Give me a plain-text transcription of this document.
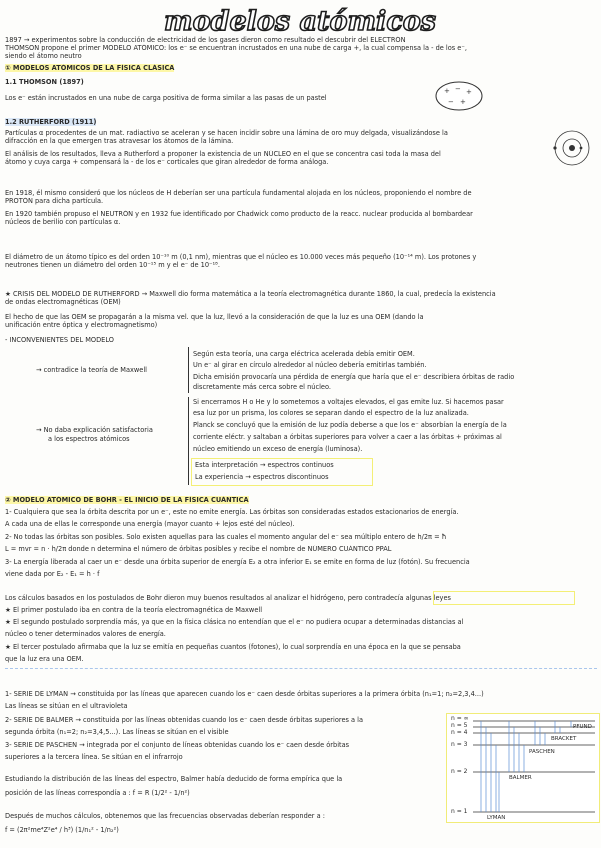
modelos atómicos
1897 → experimentos sobre la conducción de electricidad de los gases dieron como resultado el descubrir del ELECTRÓN
THOMSON propone el primer MODELO ATÓMICO: los e⁻ se encuentran incrustados en una nube de carga +, la cual compensa la - de los e⁻,
siendo el átomo neutro
① MODELOS ATÓMICOS DE LA FÍSICA CLÁSICA
1.1 THOMSON (1897)
Los e⁻ están incrustados en una nube de carga positiva de forma similar a las pasas de un pastel
+ − +
− +
1.2 RUTHERFORD (1911)
Partículas α procedentes de un mat. radiactivo se aceleran y se hacen incidir sobre una lámina de oro muy delgada, visualizándose la
difracción en la que emergen tras atravesar los átomos de la lámina.
El análisis de los resultados, lleva a Rutherford a proponer la existencia de un NÚCLEO en el que se concentra casi toda la masa del
átomo y cuya carga + compensará la - de los e⁻ corticales que giran alrededor de forma análoga.
En 1918, él mismo consideró que los núcleos de H deberían ser una partícula fundamental alojada en los núcleos, proponiendo el nombre de
PROTÓN para dicha partícula.
En 1920 también propuso el NEUTRÓN y en 1932 fue identificado por Chadwick como producto de la reacc. nuclear producida al bombardear
núcleos de berilio con partículas α.
El diámetro de un átomo típico es del orden 10⁻¹⁰ m (0,1 nm), mientras que el núcleo es 10.000 veces más pequeño (10⁻¹⁴ m). Los protones y
neutrones tienen un diámetro del orden 10⁻¹⁵ m y el e⁻ de 10⁻¹⁸.
★ CRISIS DEL MODELO DE RUTHERFORD → Maxwell dio forma matemática a la teoría electromagnética durante 1860, la cual, predecía la existencia
de ondas electromagnéticas (OEM)
El hecho de que las OEM se propagarán a la misma vel. que la luz, llevó a la consideración de que la luz es una OEM (dando la
unificación entre óptica y electromagnetismo)
- INCONVENIENTES DEL MODELO
→ contradice la teoría de Maxwell
Según esta teoría, una carga eléctrica acelerada debía emitir OEM.
Un e⁻ al girar en círculo alrededor al núcleo debería emitirlas también.
Dicha emisión provocaría una pérdida de energía que haría que el e⁻ describiera órbitas de radio
discretamente más cerca sobre el núcleo.
→ No daba explicación satisfactoria
a los espectros atómicos
Si encerramos H o He y lo sometemos a voltajes elevados, el gas emite luz. Si hacemos pasar
esa luz por un prisma, los colores se separan dando el espectro de la luz analizada.
Planck se concluyó que la emisión de luz podía deberse a que los e⁻ absorbían la energía de la
corriente eléctr. y saltaban a órbitas superiores para volver a caer a las órbitas + próximas al
núcleo emitiendo un exceso de energía (luminosa).
Esta interpretación → espectros continuos
La experiencia → espectros discontinuos
② MODELO ATÓMICO DE BOHR - EL INICIO DE LA FÍSICA CUÁNTICA
1- Cualquiera que sea la órbita descrita por un e⁻, este no emite energía. Las órbitas son consideradas estados estacionarios de energía.
A cada una de ellas le corresponde una energía (mayor cuanto + lejos esté del núcleo).
2- No todas las órbitas son posibles. Solo existen aquellas para las cuales el momento angular del e⁻ sea múltiplo entero de h/2π = ħ
L = mvr = n · h/2π donde n determina el número de órbitas posibles y recibe el nombre de NÚMERO CUÁNTICO PPAL
3- La energía liberada al caer un e⁻ desde una órbita superior de energía E₂ a otra inferior E₁ se emite en forma de luz (fotón). Su frecuencia
viene dada por E₂ - E₁ = h · f
Los cálculos basados en los postulados de Bohr dieron muy buenos resultados al analizar el hidrógeno, pero contradecía algunas leyes
★ El primer postulado iba en contra de la teoría electromagnética de Maxwell
★ El segundo postulado sorprendía más, ya que en la física clásica no entendían que el e⁻ no pudiera ocupar a determinadas distancias al
núcleo o tener determinados valores de energía.
★ El tercer postulado afirmaba que la luz se emitía en pequeñas cuantos (fotones), lo cual sorprendía en una época en la que se pensaba
que la luz era una OEM.
1- SERIE DE LYMAN → constituida por las líneas que aparecen cuando los e⁻ caen desde órbitas superiores a la primera órbita (n₁=1; n₂=2,3,4...)
Las líneas se sitúan en el ultravioleta
2- SERIE DE BALMER → constituida por las líneas obtenidas cuando los e⁻ caen desde órbitas superiores a la
segunda órbita (n₁=2; n₂=3,4,5...). Las líneas se sitúan en el visible
3- SERIE DE PASCHEN → integrada por el conjunto de líneas obtenidas cuando los e⁻ caen desde órbitas
superiores a la tercera línea. Se sitúan en el infrarrojo
Estudiando la distribución de las líneas del espectro, Balmer había deducido de forma empírica que la
posición de las líneas correspondía a : f = R (1/2² - 1/n²)
Después de muchos cálculos, obtenemos que las frecuencias observadas deberían responder a :
f = (2π²me⁴Z²e⁴ / h³) (1/n₁² - 1/n₂²)
n = ∞
n = 5
n = 4
n = 3
n = 2
n = 1
PFUND
BRACKET
PASCHEN
BALMER
LYMAN
